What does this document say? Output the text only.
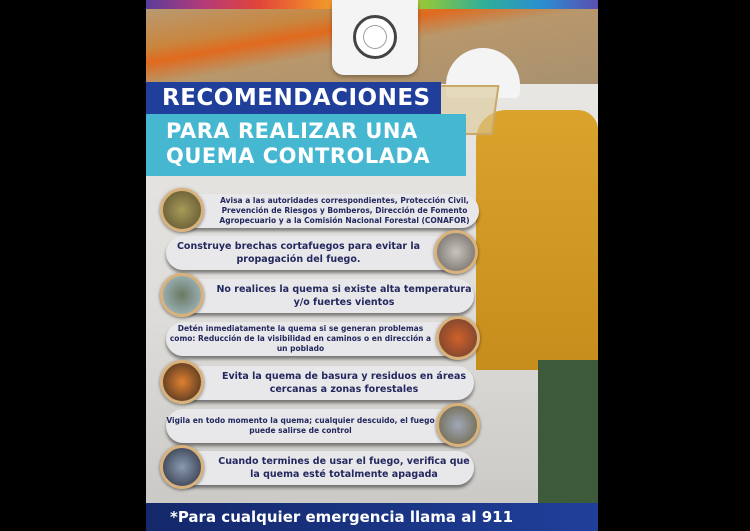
RECOMENDACIONES
PARA REALIZAR UNA
QUEMA CONTROLADA
Avisa a las autoridades correspondientes, Protección Civil, Prevención de Riesgos y Bomberos, Dirección de Fomento Agropecuario y a la Comisión Nacional Forestal (CONAFOR)
Construye brechas cortafuegos para evitar la propagación del fuego.
No realices la quema si existe alta temperatura y/o fuertes vientos
Detén inmediatamente la quema si se generan problemas como: Reducción de la visibilidad en caminos o en dirección a un poblado
Evita la quema de basura y residuos en áreas cercanas a zonas forestales
Vigila en todo momento la quema; cualquier descuido, el fuego puede salirse de control
Cuando termines de usar el fuego, verifica que la quema esté totalmente apagada
*Para cualquier emergencia llama al 911
